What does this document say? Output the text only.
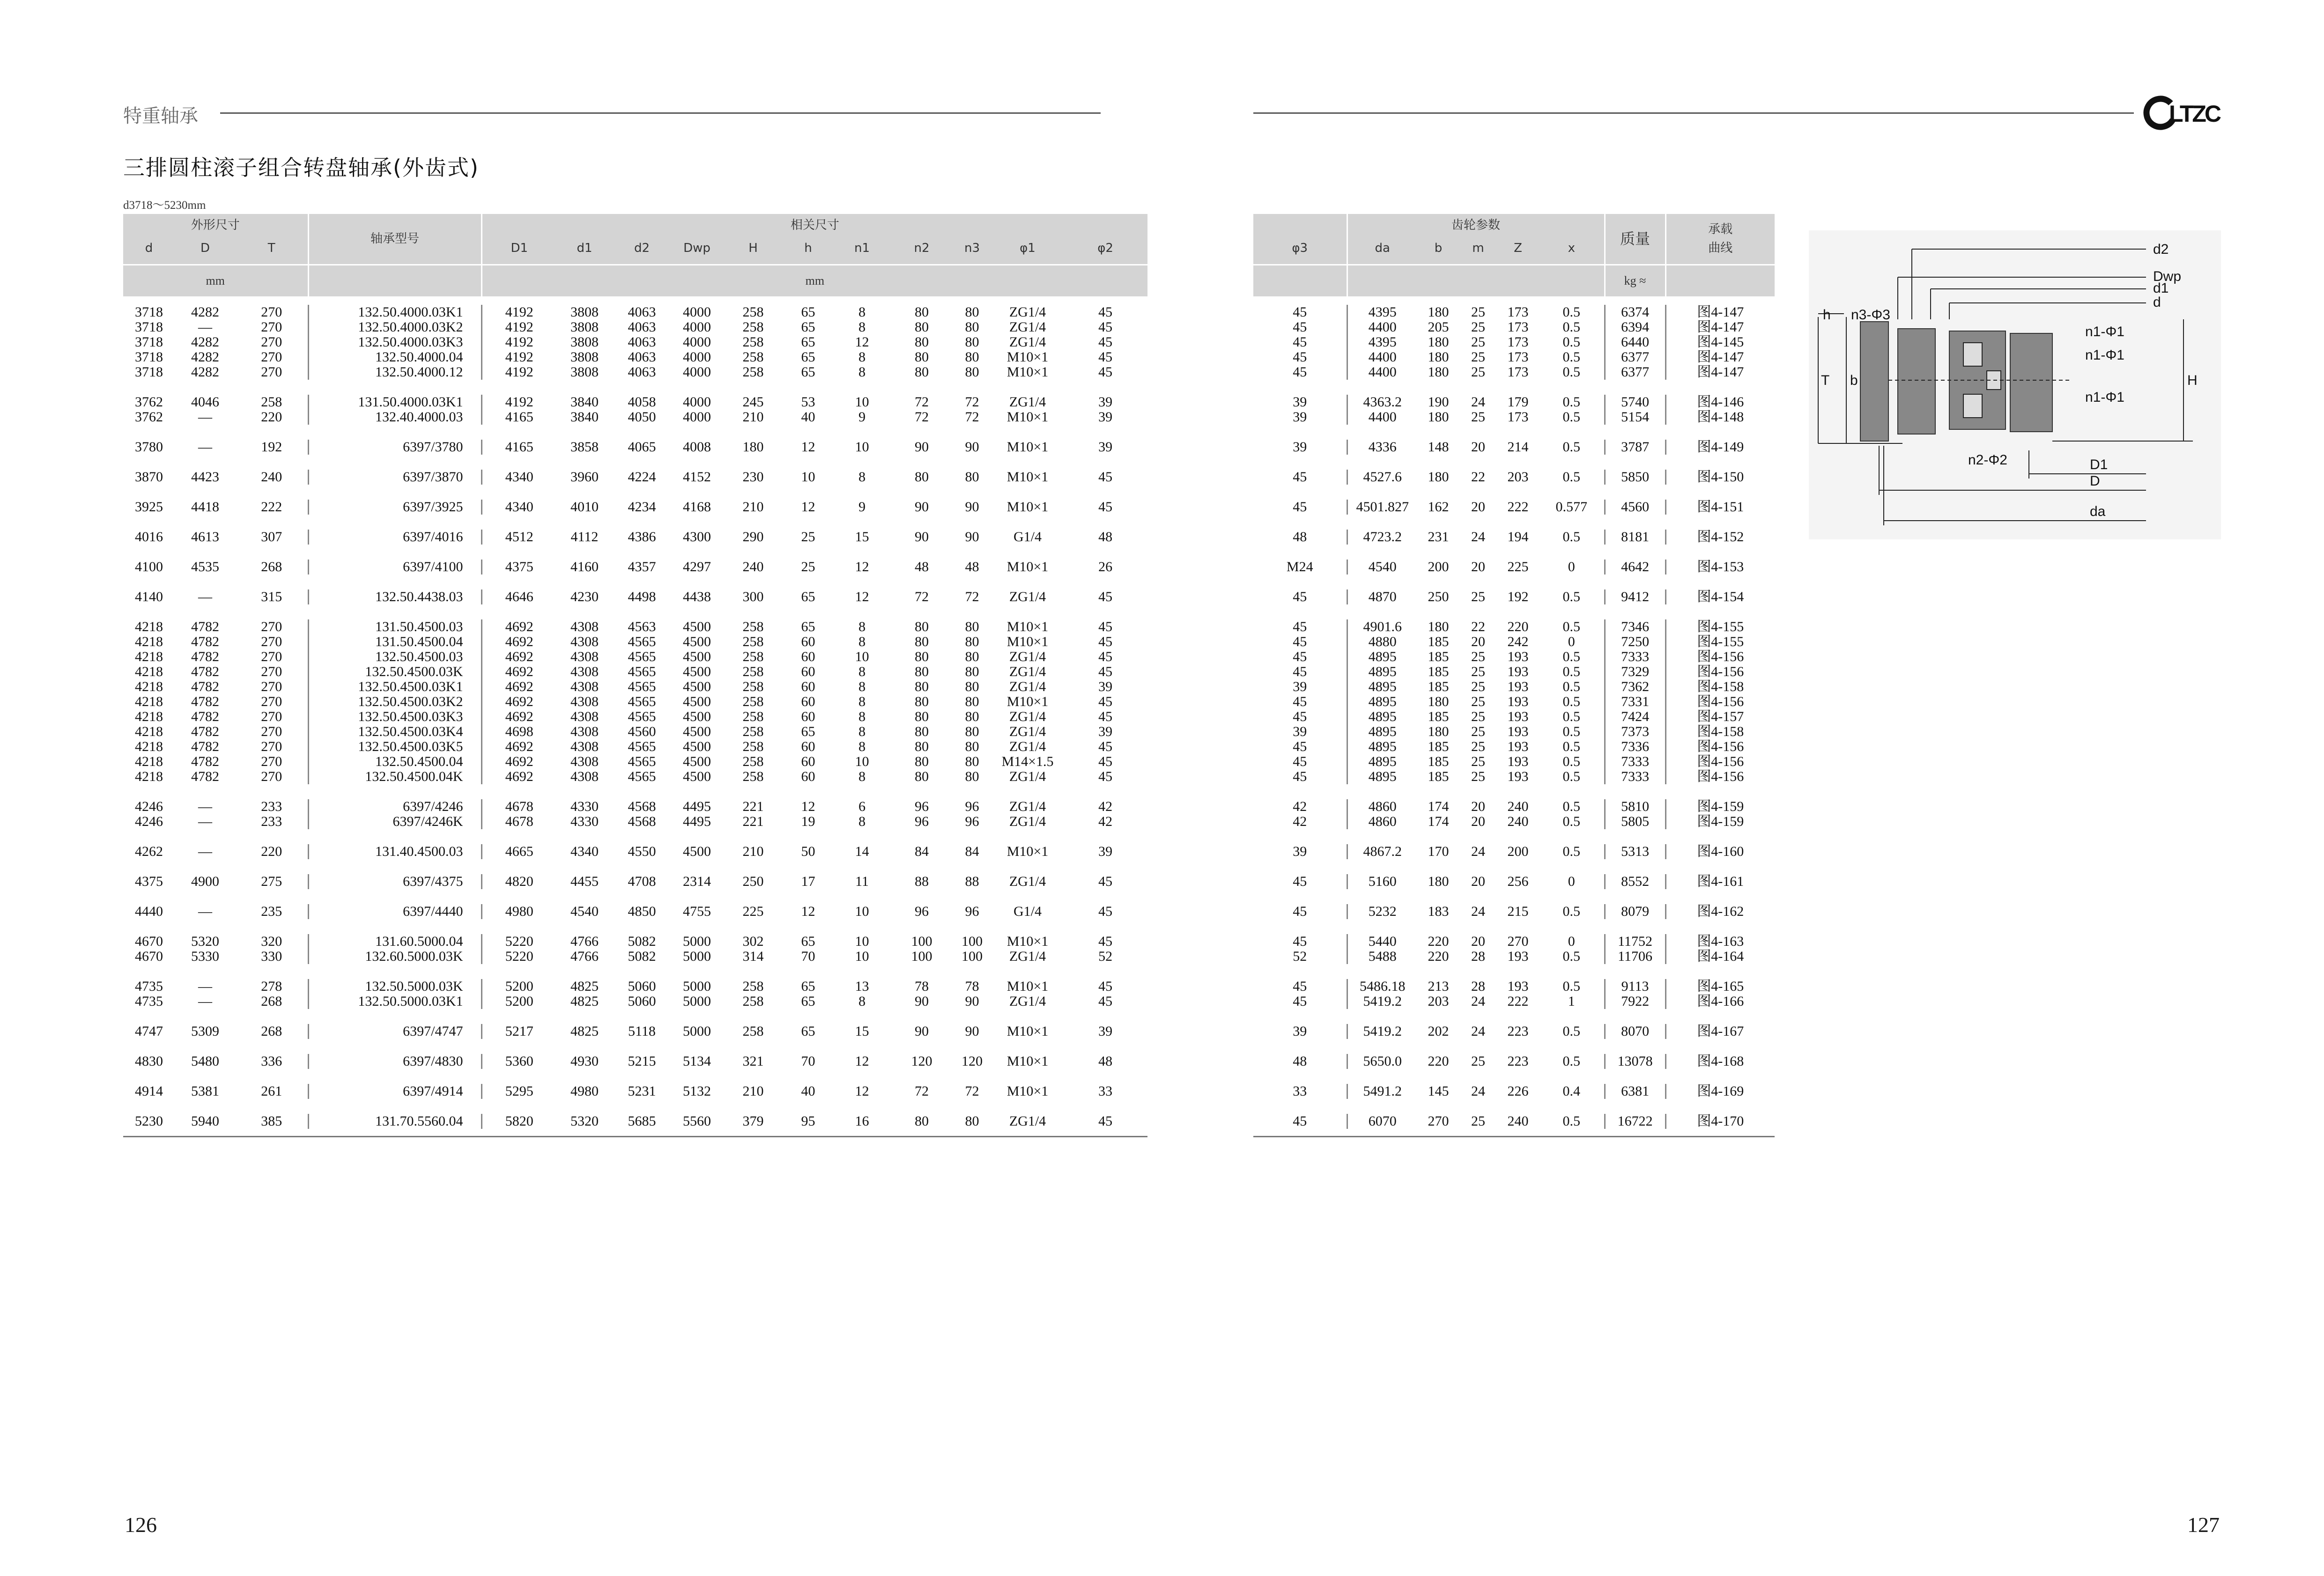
特重轴承	LTZC
三排圆柱滚子组合转盘轴承(外齿式)
d3718～5230mm
外形尺寸			轴承型号	相关尺寸										
d	D	T		D1	d1	d2	Dwp	H	h	n1	n2	n3	φ1	φ2
mm				mm										

3718	4282	270	132.50.4000.03K1	4192	3808	4063	4000	258	65	8	80	80	ZG1/4	45
3718	—	270	132.50.4000.03K2	4192	3808	4063	4000	258	65	8	80	80	ZG1/4	45
3718	4282	270	132.50.4000.03K3	4192	3808	4063	4000	258	65	12	80	80	ZG1/4	45
3718	4282	270	132.50.4000.04	4192	3808	4063	4000	258	65	8	80	80	M10×1	45
3718	4282	270	132.50.4000.12	4192	3808	4063	4000	258	65	8	80	80	M10×1	45

3762	4046	258	131.50.4000.03K1	4192	3840	4058	4000	245	53	10	72	72	ZG1/4	39
3762	—	220	132.40.4000.03	4165	3840	4050	4000	210	40	9	72	72	M10×1	39

3780	—	192	6397/3780	4165	3858	4065	4008	180	12	10	90	90	M10×1	39

3870	4423	240	6397/3870	4340	3960	4224	4152	230	10	8	80	80	M10×1	45

3925	4418	222	6397/3925	4340	4010	4234	4168	210	12	9	90	90	M10×1	45

4016	4613	307	6397/4016	4512	4112	4386	4300	290	25	15	90	90	G1/4	48

4100	4535	268	6397/4100	4375	4160	4357	4297	240	25	12	48	48	M10×1	26

4140	—	315	132.50.4438.03	4646	4230	4498	4438	300	65	12	72	72	ZG1/4	45

4218	4782	270	131.50.4500.03	4692	4308	4563	4500	258	65	8	80	80	M10×1	45
4218	4782	270	131.50.4500.04	4692	4308	4565	4500	258	60	8	80	80	M10×1	45
4218	4782	270	132.50.4500.03	4692	4308	4565	4500	258	60	10	80	80	ZG1/4	45
4218	4782	270	132.50.4500.03K	4692	4308	4565	4500	258	60	8	80	80	ZG1/4	45
4218	4782	270	132.50.4500.03K1	4692	4308	4565	4500	258	60	8	80	80	ZG1/4	39
4218	4782	270	132.50.4500.03K2	4692	4308	4565	4500	258	60	8	80	80	M10×1	45
4218	4782	270	132.50.4500.03K3	4692	4308	4565	4500	258	60	8	80	80	ZG1/4	45
4218	4782	270	132.50.4500.03K4	4698	4308	4560	4500	258	65	8	80	80	ZG1/4	39
4218	4782	270	132.50.4500.03K5	4692	4308	4565	4500	258	60	8	80	80	ZG1/4	45
4218	4782	270	132.50.4500.04	4692	4308	4565	4500	258	60	10	80	80	M14×1.5	45
4218	4782	270	132.50.4500.04K	4692	4308	4565	4500	258	60	8	80	80	ZG1/4	45

4246	—	233	6397/4246	4678	4330	4568	4495	221	12	6	96	96	ZG1/4	42
4246	—	233	6397/4246K	4678	4330	4568	4495	221	19	8	96	96	ZG1/4	42

4262	—	220	131.40.4500.03	4665	4340	4550	4500	210	50	14	84	84	M10×1	39

4375	4900	275	6397/4375	4820	4455	4708	2314	250	17	11	88	88	ZG1/4	45

4440	—	235	6397/4440	4980	4540	4850	4755	225	12	10	96	96	G1/4	45

4670	5320	320	131.60.5000.04	5220	4766	5082	5000	302	65	10	100	100	M10×1	45
4670	5330	330	132.60.5000.03K	5220	4766	5082	5000	314	70	10	100	100	ZG1/4	52

4735	—	278	132.50.5000.03K	5200	4825	5060	5000	258	65	13	78	78	M10×1	45
4735	—	268	132.50.5000.03K1	5200	4825	5060	5000	258	65	8	90	90	ZG1/4	45

4747	5309	268	6397/4747	5217	4825	5118	5000	258	65	15	90	90	M10×1	39

4830	5480	336	6397/4830	5360	4930	5215	5134	321	70	12	120	120	M10×1	48

4914	5381	261	6397/4914	5295	4980	5231	5132	210	40	12	72	72	M10×1	33

5230	5940	385	131.70.5560.04	5820	5320	5685	5560	379	95	16	80	80	ZG1/4	45

	齿轮参数					质量	承载曲线
φ3	da	b	m	Z	x		
						kg ≈	

45	4395	180	25	173	0.5	6374	图4-147
45	4400	205	25	173	0.5	6394	图4-147
45	4395	180	25	173	0.5	6440	图4-145
45	4400	180	25	173	0.5	6377	图4-147
45	4400	180	25	173	0.5	6377	图4-147

39	4363.2	190	24	179	0.5	5740	图4-146
39	4400	180	25	173	0.5	5154	图4-148

39	4336	148	20	214	0.5	3787	图4-149

45	4527.6	180	22	203	0.5	5850	图4-150

45	4501.827	162	20	222	0.577	4560	图4-151

48	4723.2	231	24	194	0.5	8181	图4-152

M24	4540	200	20	225	0	4642	图4-153

45	4870	250	25	192	0.5	9412	图4-154

45	4901.6	180	22	220	0.5	7346	图4-155
45	4880	185	20	242	0	7250	图4-155
45	4895	185	25	193	0.5	7333	图4-156
45	4895	185	25	193	0.5	7329	图4-156
39	4895	185	25	193	0.5	7362	图4-158
45	4895	180	25	193	0.5	7331	图4-156
45	4895	185	25	193	0.5	7424	图4-157
39	4895	180	25	193	0.5	7373	图4-158
45	4895	185	25	193	0.5	7336	图4-156
45	4895	185	25	193	0.5	7333	图4-156
45	4895	185	25	193	0.5	7333	图4-156

42	4860	174	20	240	0.5	5810	图4-159
42	4860	174	20	240	0.5	5805	图4-159

39	4867.2	170	24	200	0.5	5313	图4-160

45	5160	180	20	256	0	8552	图4-161

45	5232	183	24	215	0.5	8079	图4-162

45	5440	220	20	270	0	11752	图4-163
52	5488	220	28	193	0.5	11706	图4-164

45	5486.18	213	28	193	0.5	9113	图4-165
45	5419.2	203	24	222	1	7922	图4-166

39	5419.2	202	24	223	0.5	8070	图4-167

48	5650.0	220	25	223	0.5	13078	图4-168

33	5491.2	145	24	226	0.4	6381	图4-169

45	6070	270	25	240	0.5	16722	图4-170

d2
Dwp
d1
d
h n3-Φ3
b
T	H
n1-Φ1
n1-Φ1
n1-Φ1
n2-Φ2	D1
D
da
126	127
